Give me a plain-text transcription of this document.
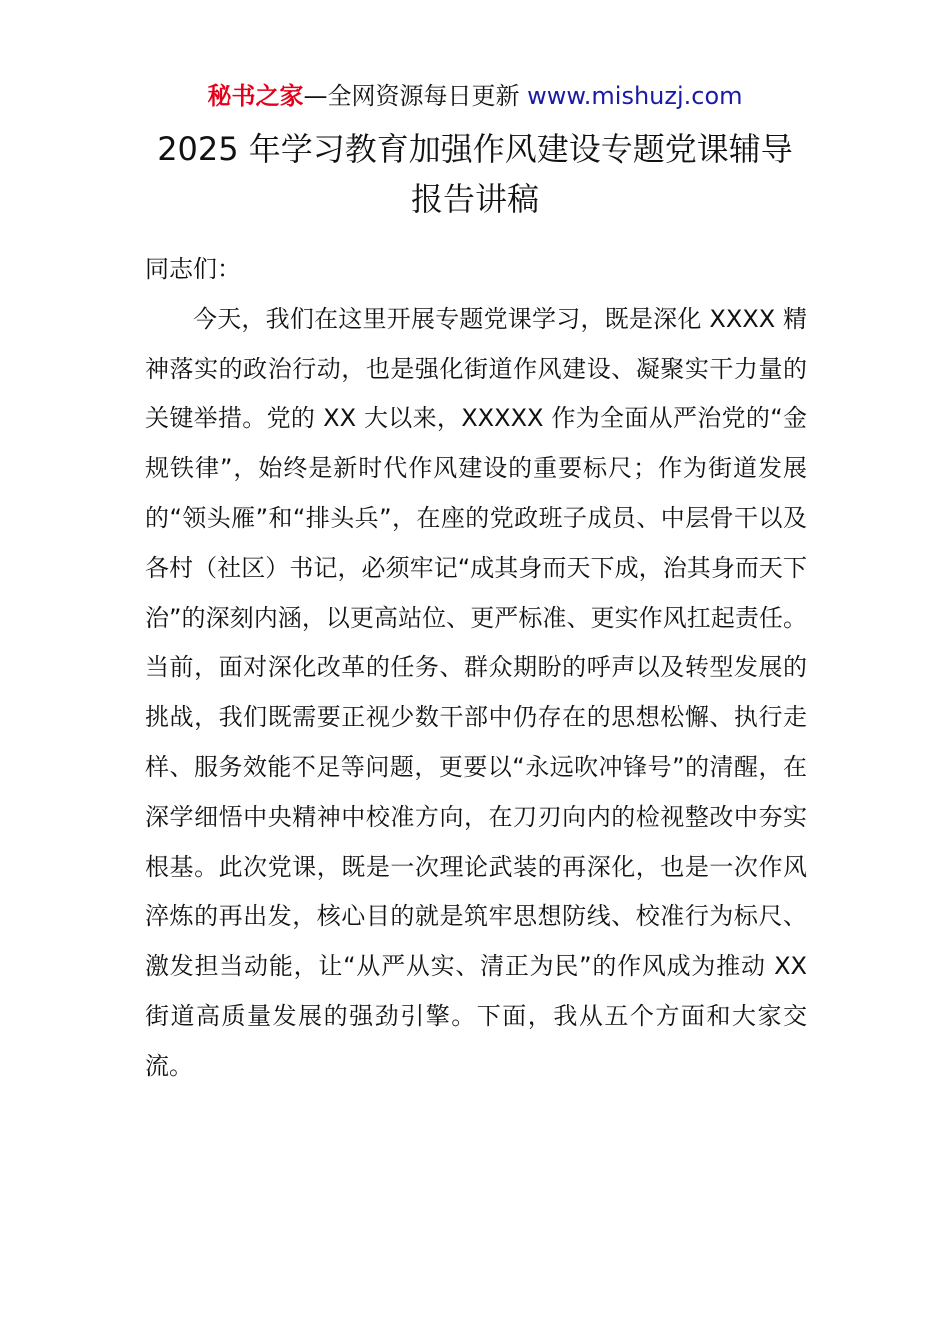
秘书之家—全网资源每日更新 www.mishuzj.com
2025 年学习教育加强作风建设专题党课辅导
报告讲稿

同志们：

今天，我们在这里开展专题党课学习，既是深化 XXXX 精神落实的政治行动，也是强化街道作风建设、凝聚实干力量的关键举措。党的 XX 大以来，XXXXX 作为全面从严治党的“金规铁律”，始终是新时代作风建设的重要标尺；作为街道发展的“领头雁”和“排头兵”，在座的党政班子成员、中层骨干以及各村（社区）书记，必须牢记“成其身而天下成，治其身而天下治”的深刻内涵，以更高站位、更严标准、更实作风扛起责任。当前，面对深化改革的任务、群众期盼的呼声以及转型发展的挑战，我们既需要正视少数干部中仍存在的思想松懈、执行走样、服务效能不足等问题，更要以“永远吹冲锋号”的清醒，在深学细悟中央精神中校准方向，在刀刃向内的检视整改中夯实根基。此次党课，既是一次理论武装的再深化，也是一次作风淬炼的再出发，核心目的就是筑牢思想防线、校准行为标尺、激发担当动能，让“从严从实、清正为民”的作风成为推动 XX 街道高质量发展的强劲引擎。下面，我从五个方面和大家交流。
